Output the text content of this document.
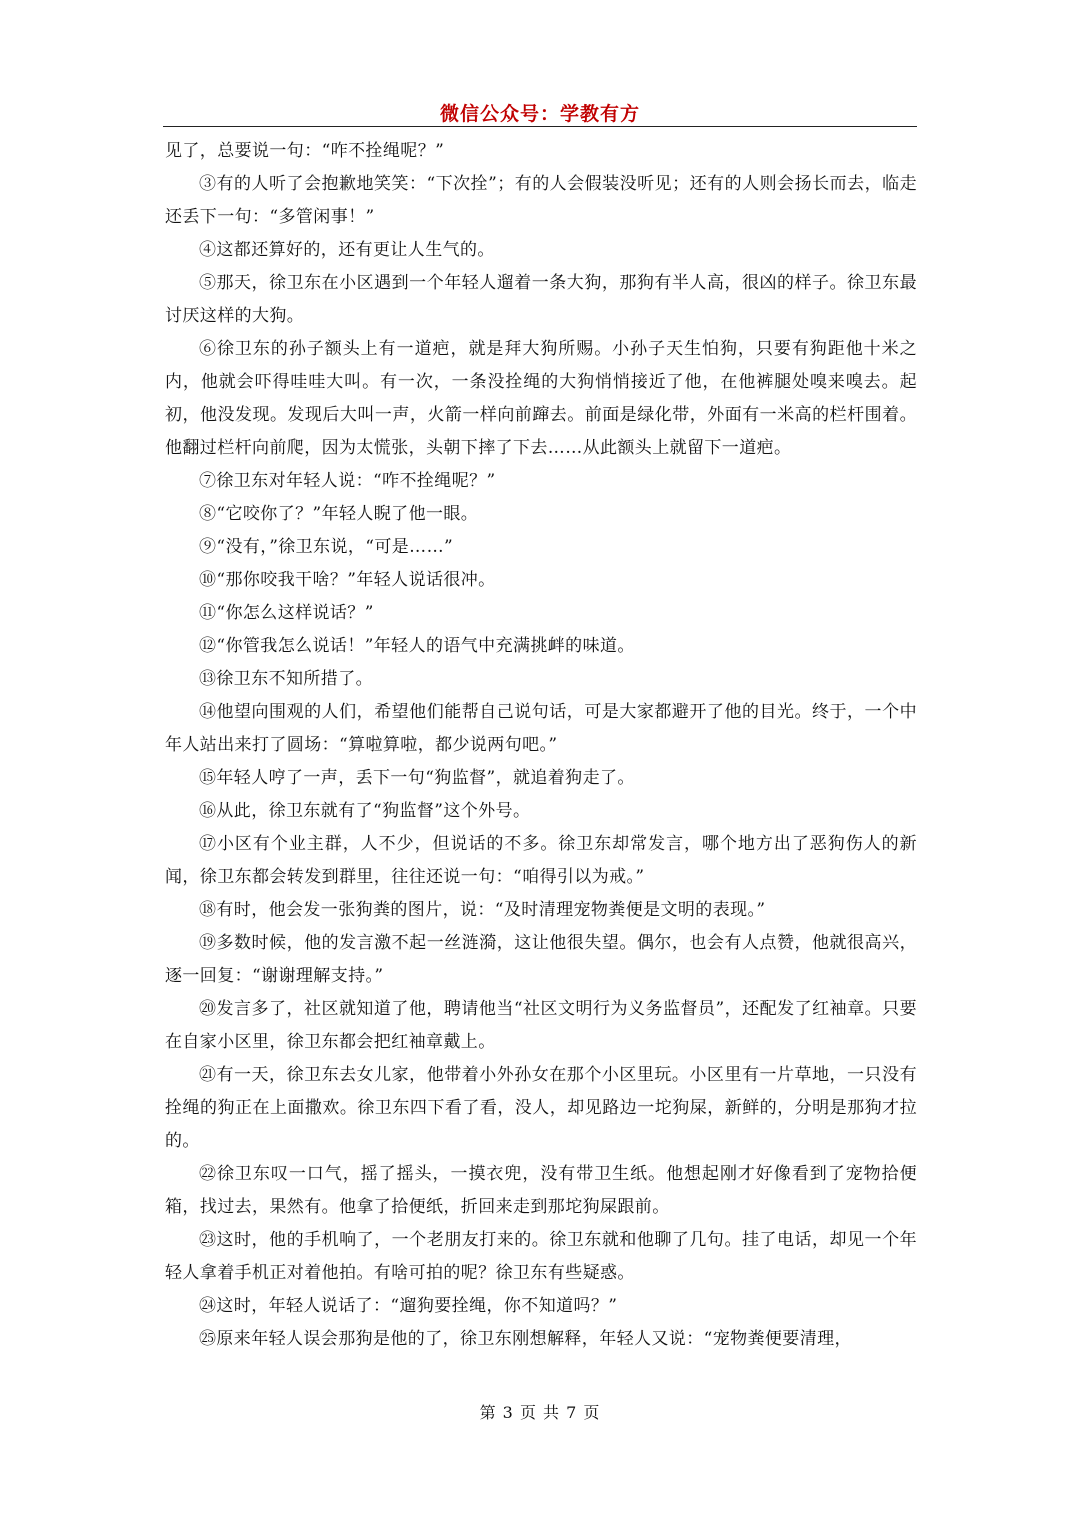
微信公众号：学教有方

见了，总要说一句：“咋不拴绳呢？”

③有的人听了会抱歉地笑笑：“下次拴”；有的人会假装没听见；还有的人则会扬长而去，临走还丢下一句：“多管闲事！”

④这都还算好的，还有更让人生气的。

⑤那天，徐卫东在小区遇到一个年轻人遛着一条大狗，那狗有半人高，很凶的样子。徐卫东最讨厌这样的大狗。

⑥徐卫东的孙子额头上有一道疤，就是拜大狗所赐。小孙子天生怕狗，只要有狗距他十米之内，他就会吓得哇哇大叫。有一次，一条没拴绳的大狗悄悄接近了他，在他裤腿处嗅来嗅去。起初，他没发现。发现后大叫一声，火箭一样向前蹿去。前面是绿化带，外面有一米高的栏杆围着。他翻过栏杆向前爬，因为太慌张，头朝下摔了下去……从此额头上就留下一道疤。

⑦徐卫东对年轻人说：“咋不拴绳呢？”

⑧“它咬你了？”年轻人睨了他一眼。

⑨“没有，”徐卫东说，“可是……”

⑩“那你咬我干啥？”年轻人说话很冲。

⑪“你怎么这样说话？”

⑫“你管我怎么说话！”年轻人的语气中充满挑衅的味道。

⑬徐卫东不知所措了。

⑭他望向围观的人们，希望他们能帮自己说句话，可是大家都避开了他的目光。终于，一个中年人站出来打了圆场：“算啦算啦，都少说两句吧。”

⑮年轻人哼了一声，丢下一句“狗监督”，就追着狗走了。

⑯从此，徐卫东就有了“狗监督”这个外号。

⑰小区有个业主群，人不少，但说话的不多。徐卫东却常发言，哪个地方出了恶狗伤人的新闻，徐卫东都会转发到群里，往往还说一句：“咱得引以为戒。”

⑱有时，他会发一张狗粪的图片，说：“及时清理宠物粪便是文明的表现。”

⑲多数时候，他的发言激不起一丝涟漪，这让他很失望。偶尔，也会有人点赞，他就很高兴，逐一回复：“谢谢理解支持。”

⑳发言多了，社区就知道了他，聘请他当“社区文明行为义务监督员”，还配发了红袖章。只要在自家小区里，徐卫东都会把红袖章戴上。

㉑有一天，徐卫东去女儿家，他带着小外孙女在那个小区里玩。小区里有一片草地，一只没有拴绳的狗正在上面撒欢。徐卫东四下看了看，没人，却见路边一坨狗屎，新鲜的，分明是那狗才拉的。

㉒徐卫东叹一口气，摇了摇头，一摸衣兜，没有带卫生纸。他想起刚才好像看到了宠物拾便箱，找过去，果然有。他拿了拾便纸，折回来走到那坨狗屎跟前。

㉓这时，他的手机响了，一个老朋友打来的。徐卫东就和他聊了几句。挂了电话，却见一个年轻人拿着手机正对着他拍。有啥可拍的呢？徐卫东有些疑惑。

㉔这时，年轻人说话了：“遛狗要拴绳，你不知道吗？”

㉕原来年轻人误会那狗是他的了，徐卫东刚想解释，年轻人又说：“宠物粪便要清理，

第 3 页 共 7 页
